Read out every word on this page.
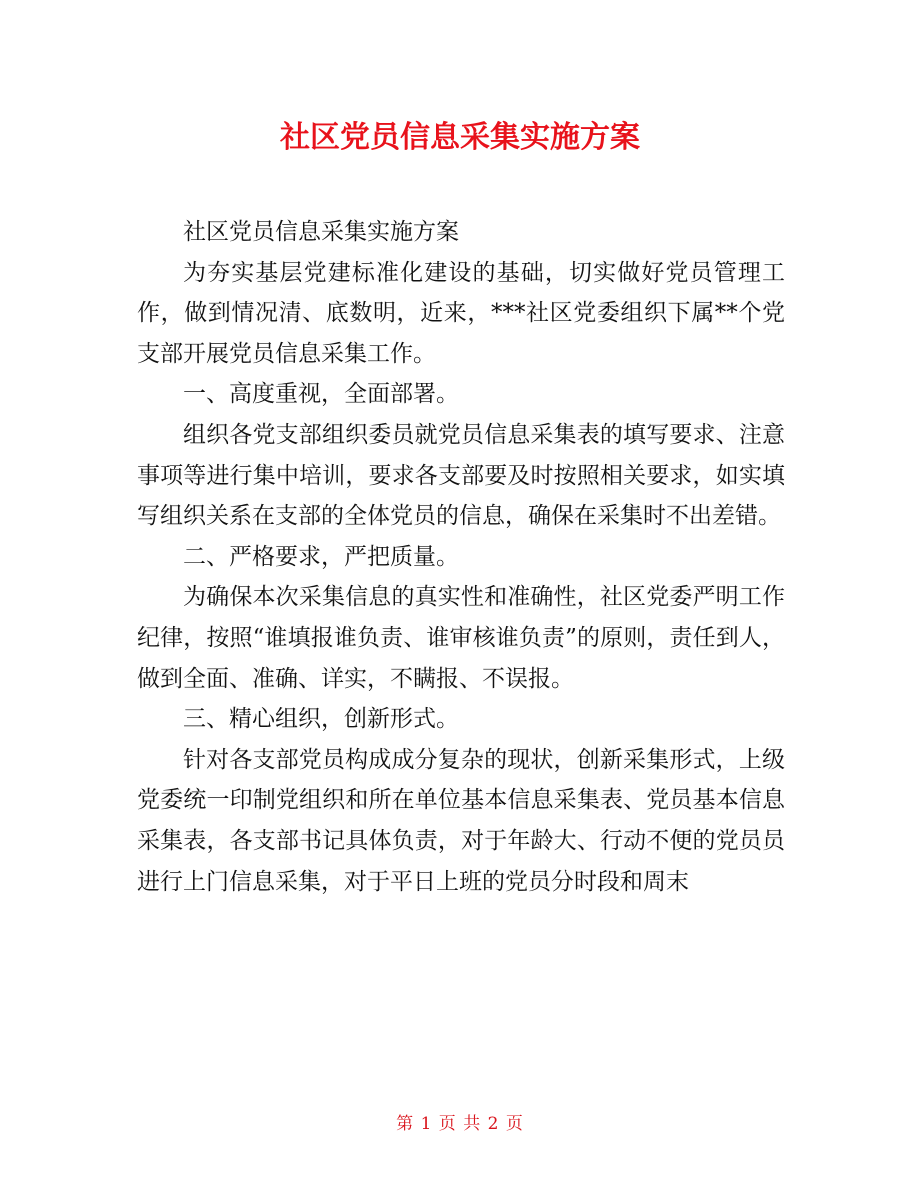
社区党员信息采集实施方案

社区党员信息采集实施方案

为夯实基层党建标准化建设的基础，切实做好党员管理工作，做到情况清、底数明，近来，***社区党委组织下属**个党支部开展党员信息采集工作。

一、高度重视，全面部署。

组织各党支部组织委员就党员信息采集表的填写要求、注意事项等进行集中培训，要求各支部要及时按照相关要求，如实填写组织关系在支部的全体党员的信息，确保在采集时不出差错。

二、严格要求，严把质量。

为确保本次采集信息的真实性和准确性，社区党委严明工作纪律，按照“谁填报谁负责、谁审核谁负责”的原则，责任到人，做到全面、准确、详实，不瞒报、不误报。

三、精心组织，创新形式。

针对各支部党员构成成分复杂的现状，创新采集形式，上级党委统一印制党组织和所在单位基本信息采集表、党员基本信息采集表，各支部书记具体负责，对于年龄大、行动不便的党员员进行上门信息采集，对于平日上班的党员分时段和周末

第 1 页 共 2 页
